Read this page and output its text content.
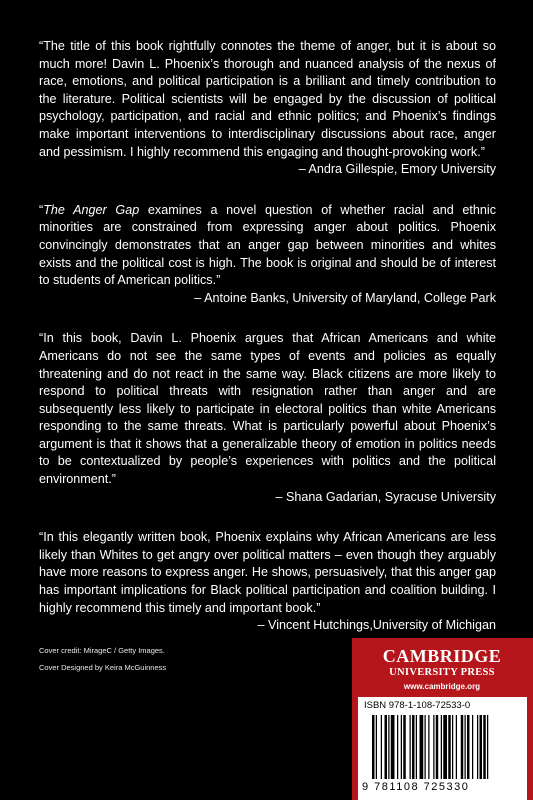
“The title of this book rightfully connotes the theme of anger, but it is about so much more! Davin L. Phoenix’s thorough and nuanced analysis of the nexus of race, emotions, and political participation is a brilliant and timely contribution to the literature. Political scientists will be engaged by the discussion of political psychology, participation, and racial and ethnic politics; and Phoenix’s findings make important interventions to interdisciplinary discussions about race, anger and pessimism. I highly recommend this engaging and thought-provoking work.”

– Andra Gillespie, Emory University

“The Anger Gap examines a novel question of whether racial and ethnic minorities are constrained from expressing anger about politics. Phoenix convincingly demonstrates that an anger gap between minorities and whites exists and the political cost is high. The book is original and should be of interest to students of American politics.”

– Antoine Banks, University of Maryland, College Park

“In this book, Davin L. Phoenix argues that African Americans and white Americans do not see the same types of events and policies as equally threatening and do not react in the same way. Black citizens are more likely to respond to political threats with resignation rather than anger and are subsequently less likely to participate in electoral politics than white Americans responding to the same threats. What is particularly powerful about Phoenix’s argument is that it shows that a generalizable theory of emotion in politics needs to be contextualized by people’s experiences with politics and the political environment.”

– Shana Gadarian, Syracuse University

“In this elegantly written book, Phoenix explains why African Americans are less likely than Whites to get angry over political matters – even though they arguably have more reasons to express anger. He shows, persuasively, that this anger gap has important implications for Black political participation and coalition building. I highly recommend this timely and important book.”

– Vincent Hutchings,University of Michigan

Cover credit: MirageC / Getty Images.
Cover Designed by Keira McGuinness
CAMBRIDGE
UNIVERSITY PRESS
www.cambridge.org
ISBN 978-1-108-72533-0
9 781108 725330
